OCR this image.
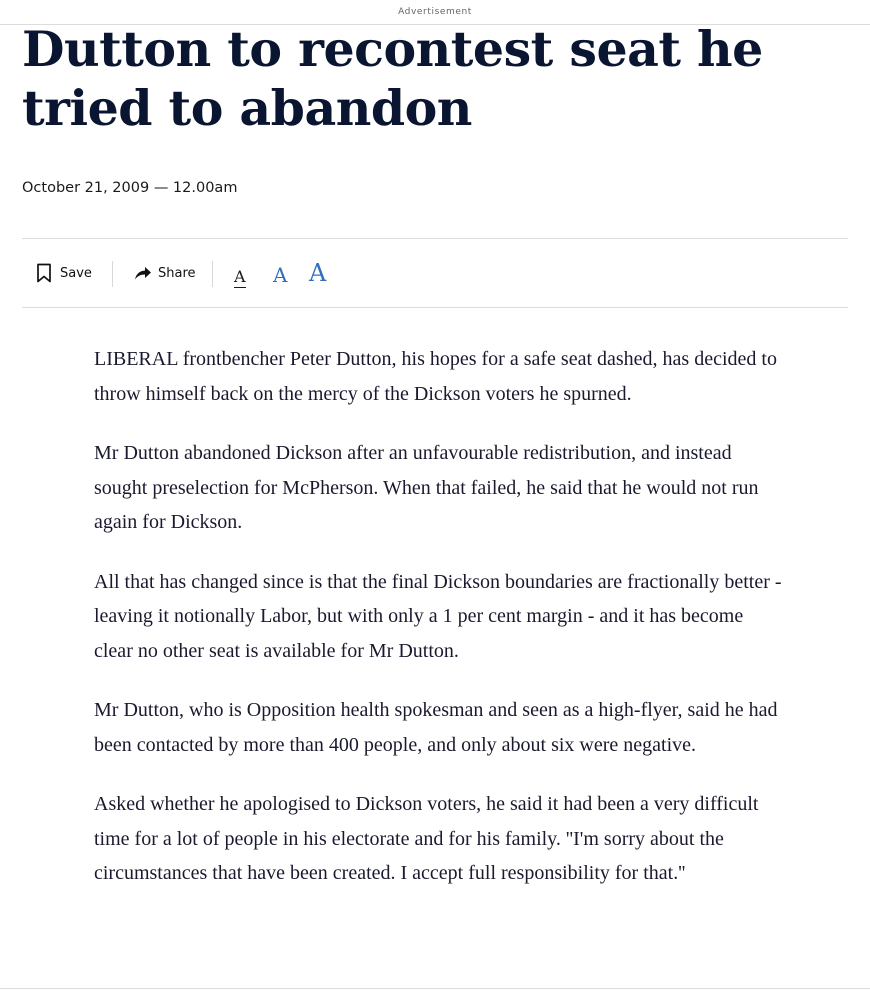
Advertisement
Dutton to recontest seat he tried to abandon
October 21, 2009 — 12.00am
Save	Share A A A

LIBERAL frontbencher Peter Dutton, his hopes for a safe seat dashed, has decided to throw himself back on the mercy of the Dickson voters he spurned.

Mr Dutton abandoned Dickson after an unfavourable redistribution, and instead sought preselection for McPherson. When that failed, he said that he would not run again for Dickson.

All that has changed since is that the final Dickson boundaries are fractionally better - leaving it notionally Labor, but with only a 1 per cent margin - and it has become clear no other seat is available for Mr Dutton.

Mr Dutton, who is Opposition health spokesman and seen as a high-flyer, said he had been contacted by more than 400 people, and only about six were negative.

Asked whether he apologised to Dickson voters, he said it had been a very difficult time for a lot of people in his electorate and for his family. ''I'm sorry about the circumstances that have been created. I accept full responsibility for that.''
